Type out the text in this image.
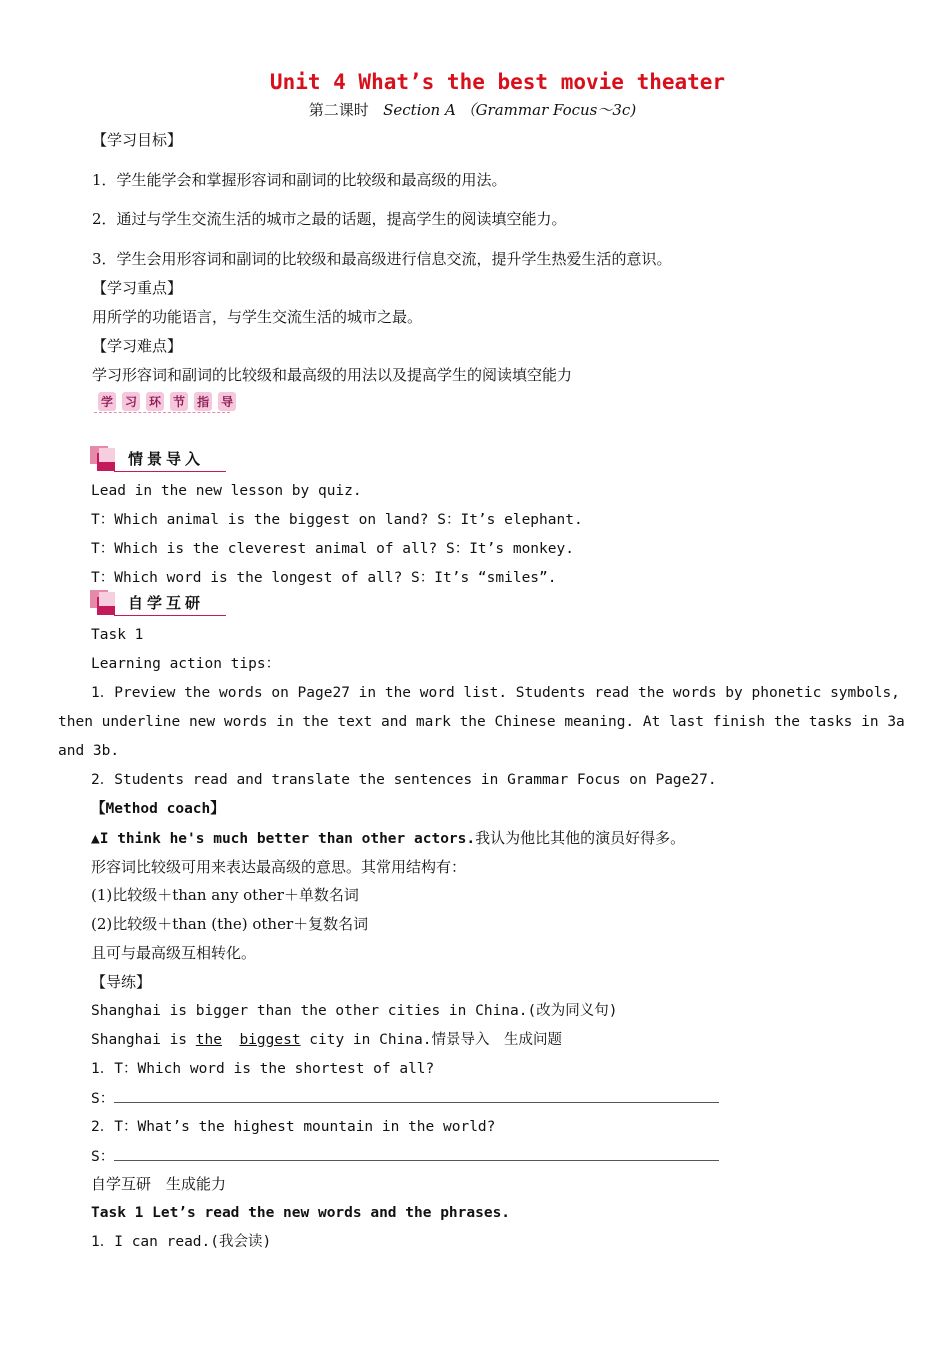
Unit 4 What’s the best movie theater
第二课时 Section A （Grammar Focus～3c)
【学习目标】
1．学生能学会和掌握形容词和副词的比较级和最高级的用法。
2．通过与学生交流生活的城市之最的话题，提高学生的阅读填空能力。
3．学生会用形容词和副词的比较级和最高级进行信息交流，提升学生热爱生活的意识。
【学习重点】
用所学的功能语言，与学生交流生活的城市之最。
【学习难点】
学习形容词和副词的比较级和最高级的用法以及提高学生的阅读填空能力
学 习 环 节 指 导
情景导入
Lead in the new lesson by quiz.
T：Which animal is the biggest on land? S：It’s elephant.
T：Which is the cleverest animal of all? S：It’s monkey.
T：Which word is the longest of all? S：It’s “smiles”.
自学互研
Task 1
Learning action tips：
1．Preview the words on Page27 in the word list. Students read the words by phonetic symbols,
then underline new words in the text and mark the Chinese meaning. At last finish the tasks in 3a
and 3b.
2．Students read and translate the sentences in Grammar Focus on Page27.
【Method coach】
▲I think he's much better than other actors.我认为他比其他的演员好得多。
形容词比较级可用来表达最高级的意思。其常用结构有：
(1)比较级＋than any other＋单数名词
(2)比较级＋than (the) other＋复数名词
且可与最高级互相转化。
【导练】
Shanghai is bigger than the other cities in China.(改为同义句)
Shanghai is the biggest city in China.情景导入　生成问题
1．T：Which word is the shortest of all?
S：
2．T：What’s the highest mountain in the world?
S：
自学互研　生成能力
Task 1 Let’s read the new words and the phrases.
1．I can read.(我会读)
